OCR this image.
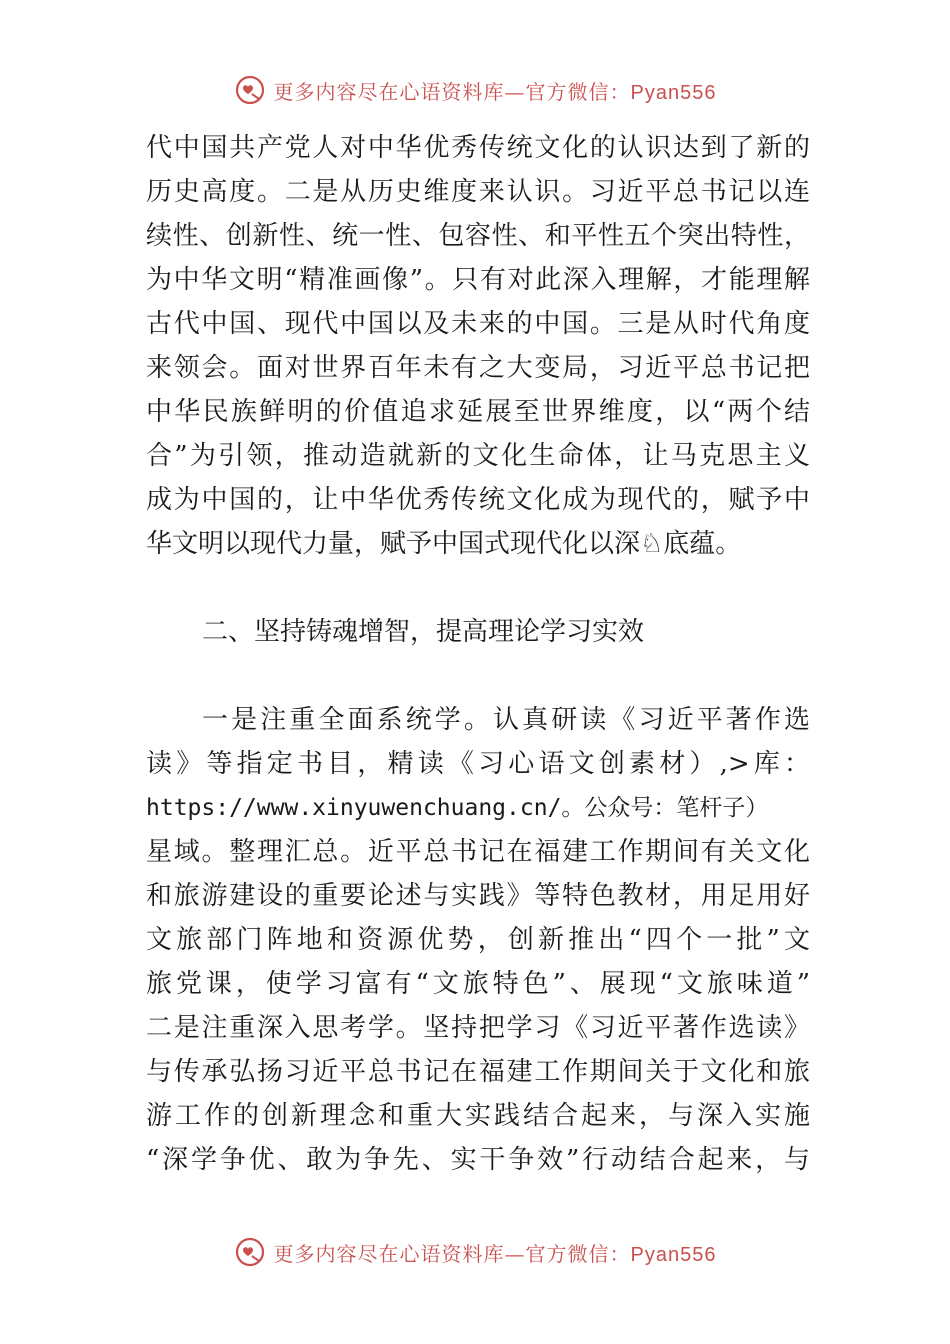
更多内容尽在心语资料库—官方微信：Pyan556
代中国共产党人对中华优秀传统文化的认识达到了新的
历史高度。二是从历史维度来认识。习近平总书记以连
续性、创新性、统一性、包容性、和平性五个突出特性，
为中华文明“精准画像”。只有对此深入理解，才能理解
古代中国、现代中国以及未来的中国。三是从时代角度
来领会。面对世界百年未有之大变局，习近平总书记把
中华民族鲜明的价值追求延展至世界维度，以“两个结
合”为引领，推动造就新的文化生命体，让马克思主义
成为中国的，让中华优秀传统文化成为现代的，赋予中
华文明以现代力量，赋予中国式现代化以深♘底蕴。
二、坚持铸魂增智，提高理论学习实效
一是注重全面系统学。认真研读《习近平著作选
读》等指定书目，精读《习心语文创素材）,>库：
https://www.xinyuwenchuang.cn/。公众号：笔杆子）
星域。整理汇总。近平总书记在福建工作期间有关文化
和旅游建设的重要论述与实践》等特色教材，用足用好
文旅部门阵地和资源优势，创新推出“四个一批”文
旅党课，使学习富有“文旅特色”、展现“文旅味道”
二是注重深入思考学。坚持把学习《习近平著作选读》
与传承弘扬习近平总书记在福建工作期间关于文化和旅
游工作的创新理念和重大实践结合起来，与深入实施
“深学争优、敢为争先、实干争效”行动结合起来，与
更多内容尽在心语资料库—官方微信：Pyan556
